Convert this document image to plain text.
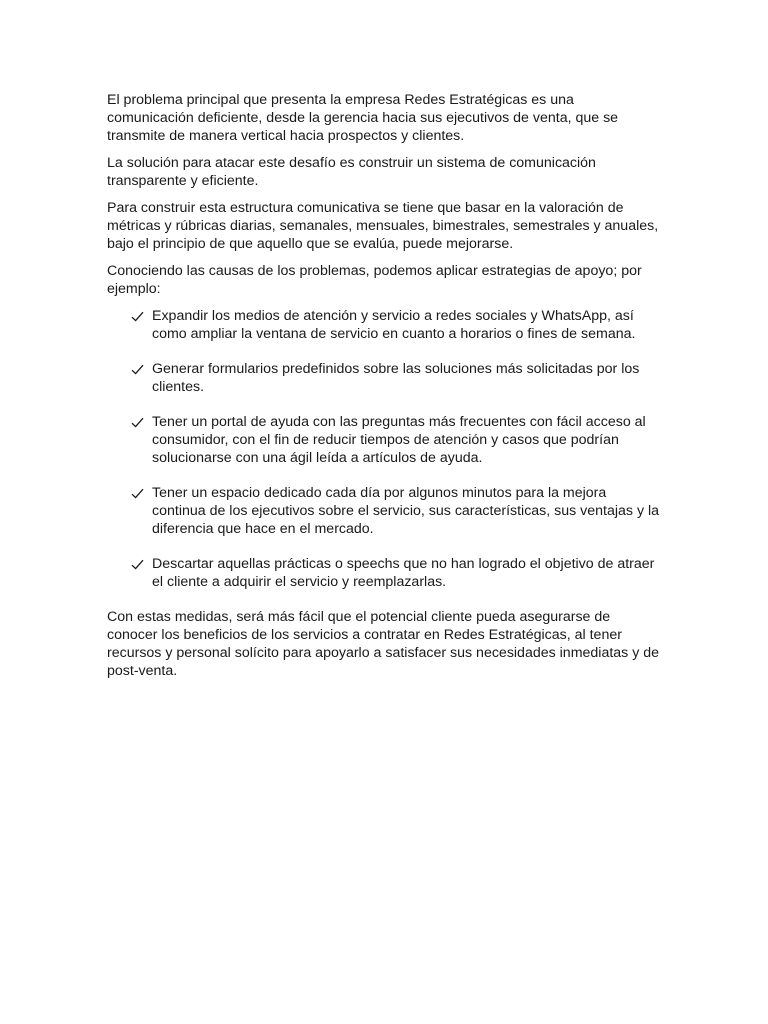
El problema principal que presenta la empresa Redes Estratégicas es una comunicación deficiente, desde la gerencia hacia sus ejecutivos de venta, que se transmite de manera vertical hacia prospectos y clientes.

La solución para atacar este desafío es construir un sistema de comunicación transparente y eficiente.

Para construir esta estructura comunicativa se tiene que basar en la valoración de métricas y rúbricas diarias, semanales, mensuales, bimestrales, semestrales y anuales, bajo el principio de que aquello que se evalúa, puede mejorarse.

Conociendo las causas de los problemas, podemos aplicar estrategias de apoyo; por ejemplo:

Expandir los medios de atención y servicio a redes sociales y WhatsApp, así como ampliar la ventana de servicio en cuanto a horarios o fines de semana.
Generar formularios predefinidos sobre las soluciones más solicitadas por los clientes.
Tener un portal de ayuda con las preguntas más frecuentes con fácil acceso al consumidor, con el fin de reducir tiempos de atención y casos que podrían solucionarse con una ágil leída a artículos de ayuda.
Tener un espacio dedicado cada día por algunos minutos para la mejora continua de los ejecutivos sobre el servicio, sus características, sus ventajas y la diferencia que hace en el mercado.
Descartar aquellas prácticas o speechs que no han logrado el objetivo de atraer el cliente a adquirir el servicio y reemplazarlas.

Con estas medidas, será más fácil que el potencial cliente pueda asegurarse de conocer los beneficios de los servicios a contratar en Redes Estratégicas, al tener recursos y personal solícito para apoyarlo a satisfacer sus necesidades inmediatas y de post-venta.
